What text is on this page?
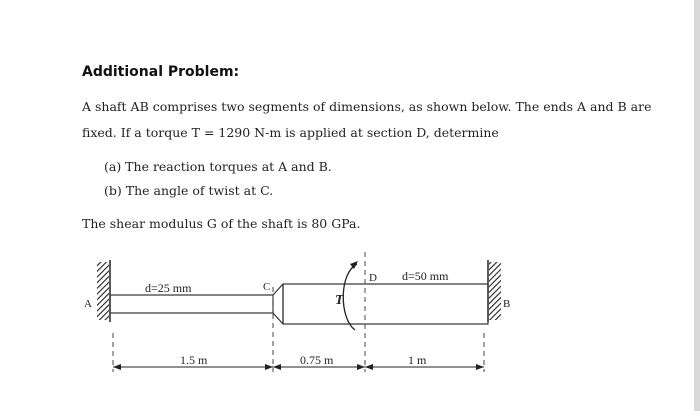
Additional Problem:
A shaft AB comprises two segments of dimensions, as shown below. The ends A and B are
fixed. If a torque T = 1290 N-m is applied at section D, determine
(a) The reaction torques at A and B.
(b) The angle of twist at C.
The shear modulus G of the shaft is 80 GPa.
A	B
C
D
T
d=25 mm
d=50 mm
1.5 m	0.75 m	1 m
